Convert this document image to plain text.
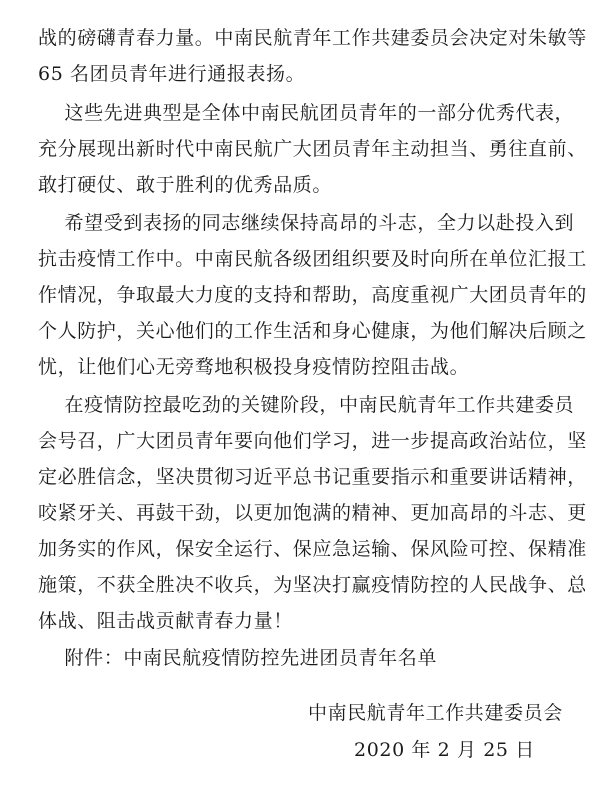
战的磅礴青春力量。中南民航青年工作共建委员会决定对朱敏等
65 名团员青年进行通报表扬。
这些先进典型是全体中南民航团员青年的一部分优秀代表，
充分展现出新时代中南民航广大团员青年主动担当、勇往直前、
敢打硬仗、敢于胜利的优秀品质。
希望受到表扬的同志继续保持高昂的斗志，全力以赴投入到
抗击疫情工作中。中南民航各级团组织要及时向所在单位汇报工
作情况，争取最大力度的支持和帮助，高度重视广大团员青年的
个人防护，关心他们的工作生活和身心健康，为他们解决后顾之
忧，让他们心无旁骛地积极投身疫情防控阻击战。
在疫情防控最吃劲的关键阶段，中南民航青年工作共建委员
会号召，广大团员青年要向他们学习，进一步提高政治站位，坚
定必胜信念，坚决贯彻习近平总书记重要指示和重要讲话精神，
咬紧牙关、再鼓干劲，以更加饱满的精神、更加高昂的斗志、更
加务实的作风，保安全运行、保应急运输、保风险可控、保精准
施策，不获全胜决不收兵，为坚决打赢疫情防控的人民战争、总
体战、阻击战贡献青春力量！
附件：中南民航疫情防控先进团员青年名单
中南民航青年工作共建委员会
2020 年 2 月 25 日
